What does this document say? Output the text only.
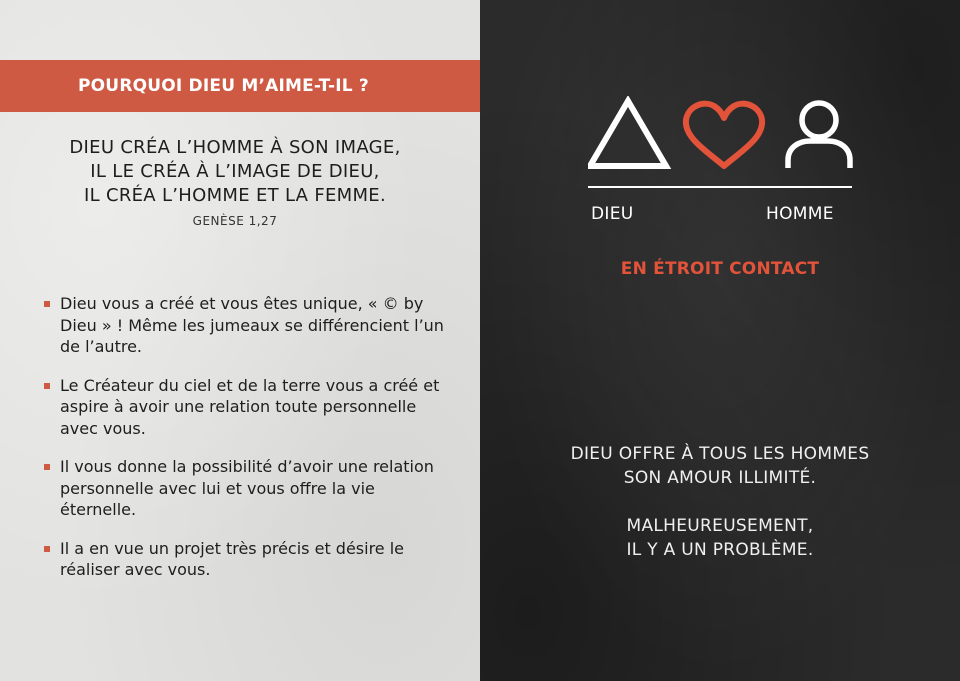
POURQUOI DIEU M’AIME-T-IL ?
DIEU CRÉA L’HOMME À SON IMAGE,
IL LE CRÉA À L’IMAGE DE DIEU,
IL CRÉA L’HOMME ET LA FEMME.
GENÈSE 1,27
Dieu vous a créé et vous êtes unique, « © by Dieu » ! Même les jumeaux se différencient l’un de l’autre.
Le Créateur du ciel et de la terre vous a créé et aspire à avoir une relation toute personnelle avec vous.
Il vous donne la possibilité d’avoir une relation personnelle avec lui et vous offre la vie éternelle.
Il a en vue un projet très précis et désire le réaliser avec vous.
DIEU	HOMME
EN ÉTROIT CONTACT
DIEU OFFRE À TOUS LES HOMMES
SON AMOUR ILLIMITÉ.
MALHEUREUSEMENT,
IL Y A UN PROBLÈME.
